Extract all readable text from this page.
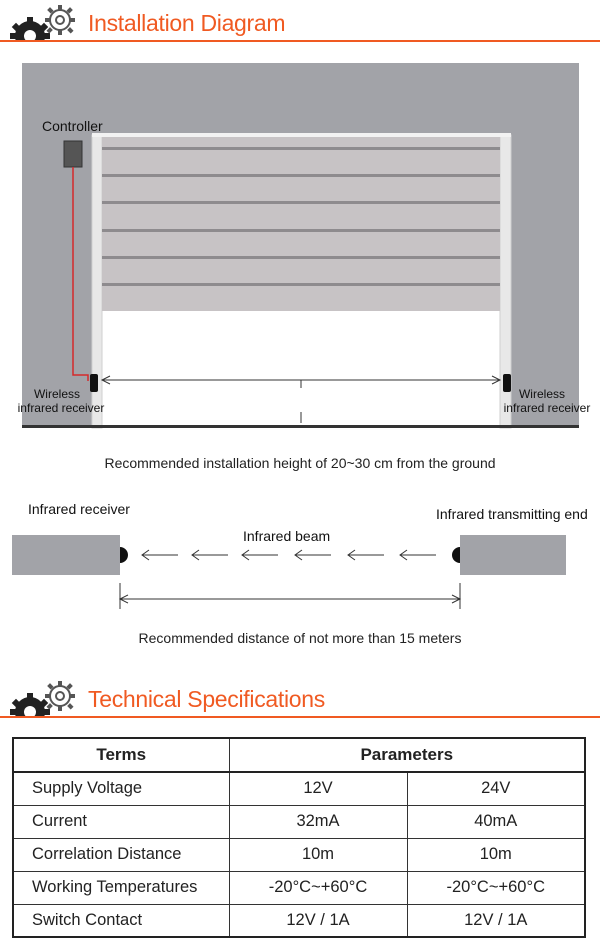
Installation Diagram
Controller
Wireless
infrared receiver
Wireless
infrared receiver
Recommended installation height of 20~30 cm from the ground
Infrared receiver	Infrared transmitting end
Infrared beam
Recommended distance of not more than 15 meters
Technical Specifications
Terms	Parameters	
Supply Voltage	12V	24V
Current	32mA	40mA
Correlation Distance	10m	10m
Working Temperatures	-20°C~+60°C	-20°C~+60°C
Switch Contact	12V / 1A	12V / 1A
